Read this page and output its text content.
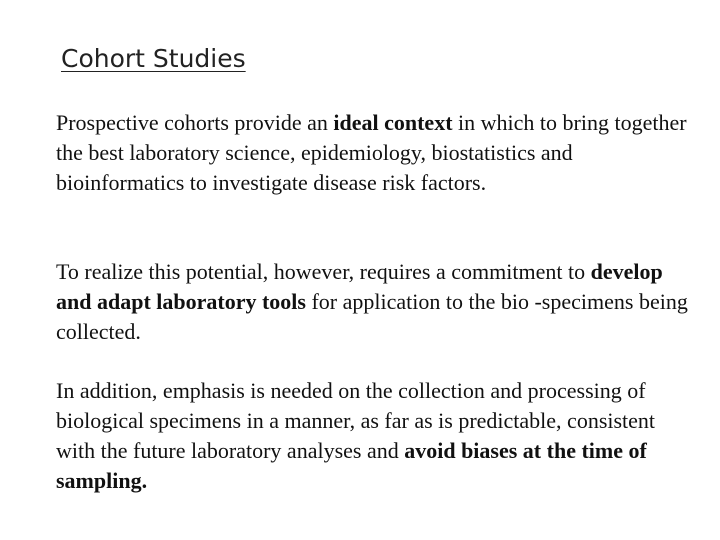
Cohort Studies

Prospective cohorts provide an ideal context in which to bring together the best laboratory science, epidemiology, biostatistics and bioinformatics to investigate disease risk factors.

To realize this potential, however, requires a commitment to develop and adapt laboratory tools for application to the bio -specimens being collected.

In addition, emphasis is needed on the collection and processing of biological specimens in a manner, as far as is predictable, consistent with the future laboratory analyses and avoid biases at the time of sampling.
